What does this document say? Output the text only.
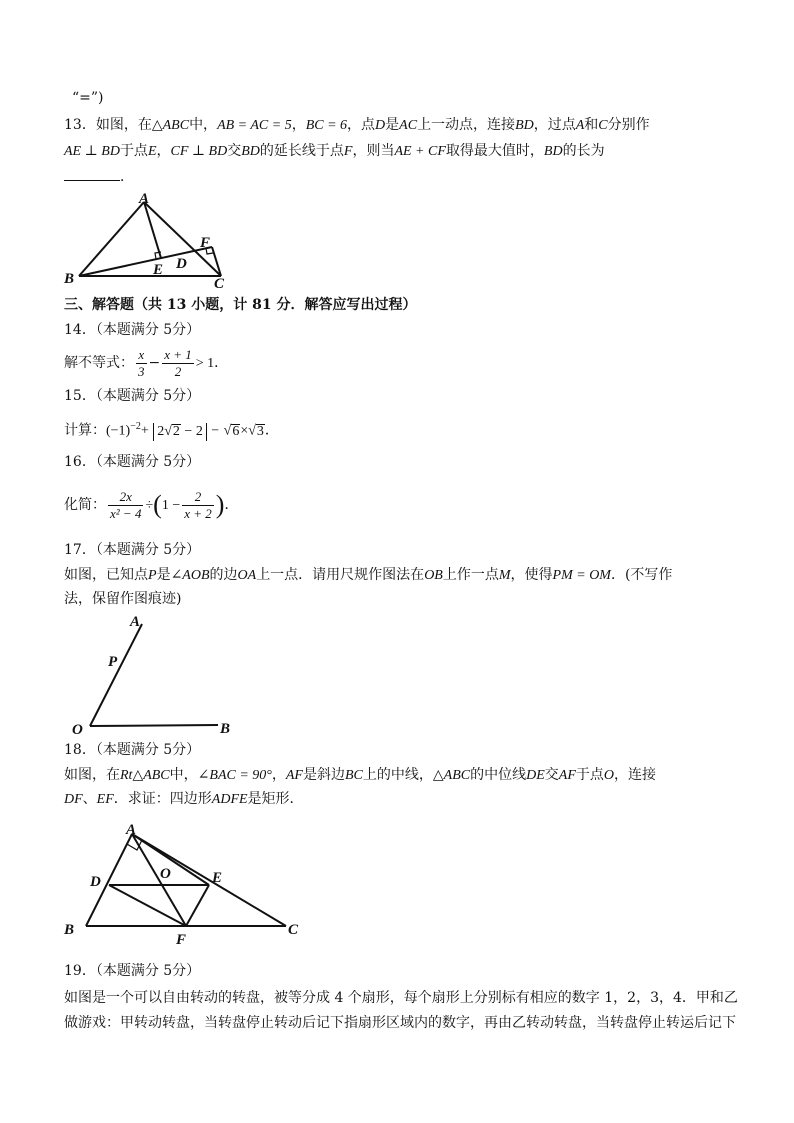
“=”)
13．如图，在△ABC中，AB = AC = 5，BC = 6，点D是AC上一动点，连接BD，过点A和C分别作
AE ⊥ BD于点E，CF ⊥ BD交BD的延长线于点F，则当AE + CF取得最大值时，BD的长为
．
A
B	C
D
E
F
三、解答题（共 13 小题，计 81 分．解答应写出过程）
14．（本题满分 5分）
解不等式： $\frac{x}{3} - \frac{x + 1}{2} > 1$．
15．（本题满分 5分）
计算：$(-1)^{-2}+ 2√2 - 2 - √6\times√3$．
16．（本题满分 5分）
化简： $\frac{2x}{\text{x² − 4}} \div(1 - \frac{2}{x + 2}$ )．
17．（本题满分 5分）
如图，已知点P是∠AOB的边OA上一点．请用尺规作图法在OB上作一点M，使得PM = OM．(不写作
法，保留作图痕迹)
A
P
O	B
18．（本题满分 5分）
如图，在Rt△ABC中，∠BAC = 90°，AF是斜边BC上的中线，△ABC的中位线DE交AF于点O，连接
DF、EF．求证：四边形ADFE是矩形．
A
B	C
D	E
F
O
19．（本题满分 5分）
如图是一个可以自由转动的转盘，被等分成 4 个扇形，每个扇形上分别标有相应的数字 1，2，3，4．甲和乙
做游戏：甲转动转盘，当转盘停止转动后记下指扇形区域内的数字，再由乙转动转盘，当转盘停止转运后记下
